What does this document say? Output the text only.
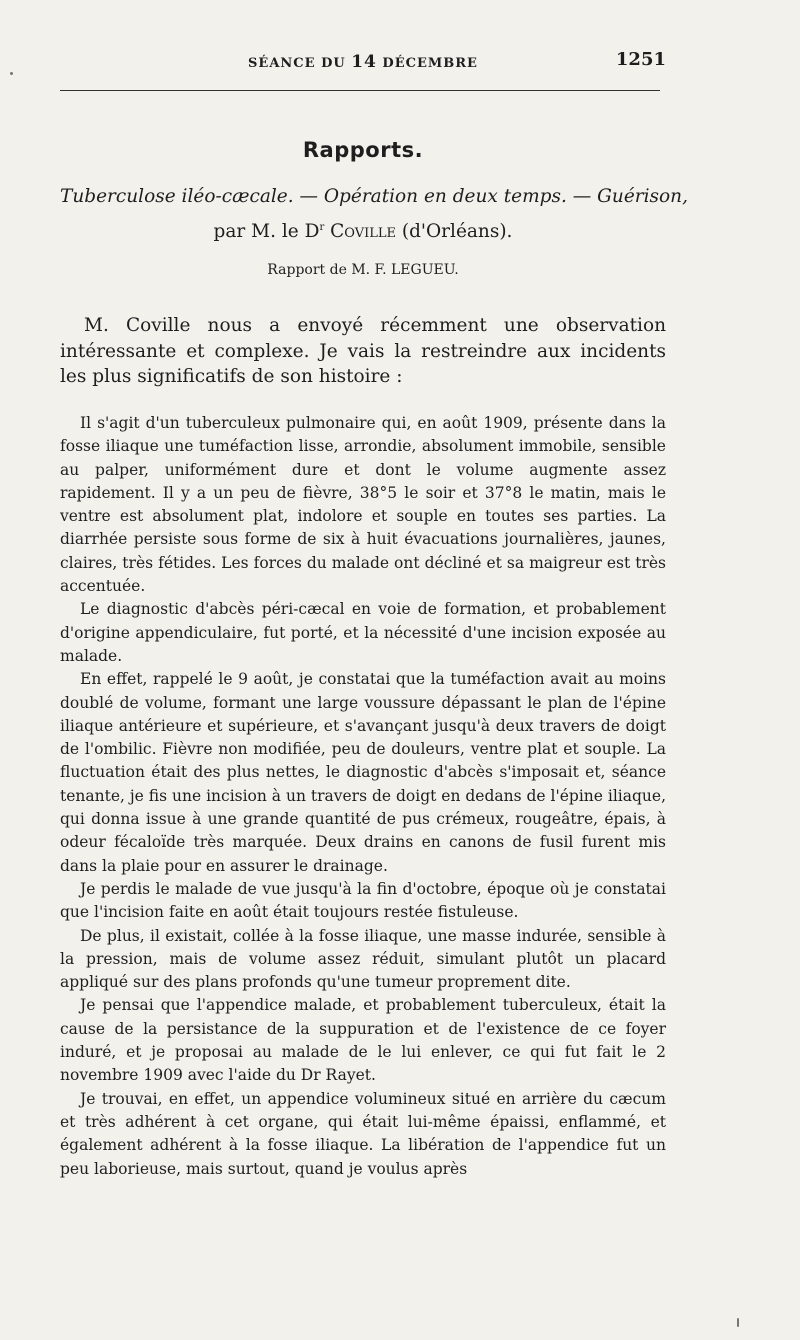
SÉANCE DU 14 DÉCEMBRE	1251
Rapports.
Tuberculose iléo-cæcale. — Opération en deux temps. — Guérison,
par M. le $D^r$ Coville (d'Orléans).
Rapport de M. F. LEGUEU.

M. Coville nous a envoyé récemment une observation intéressante et complexe. Je vais la restreindre aux incidents les plus significatifs de son histoire :

Il s'agit d'un tuberculeux pulmonaire qui, en août 1909, présente dans la fosse iliaque une tuméfaction lisse, arrondie, absolument immobile, sensible au palper, uniformément dure et dont le volume augmente assez rapidement. Il y a un peu de fièvre, 38°5 le soir et 37°8 le matin, mais le ventre est absolument plat, indolore et souple en toutes ses parties. La diarrhée persiste sous forme de six à huit évacuations journalières, jaunes, claires, très fétides. Les forces du malade ont décliné et sa maigreur est très accentuée.

Le diagnostic d'abcès péri-cæcal en voie de formation, et probablement d'origine appendiculaire, fut porté, et la nécessité d'une incision exposée au malade.

En effet, rappelé le 9 août, je constatai que la tuméfaction avait au moins doublé de volume, formant une large voussure dépassant le plan de l'épine iliaque antérieure et supérieure, et s'avançant jusqu'à deux travers de doigt de l'ombilic. Fièvre non modifiée, peu de douleurs, ventre plat et souple. La fluctuation était des plus nettes, le diagnostic d'abcès s'imposait et, séance tenante, je fis une incision à un travers de doigt en dedans de l'épine iliaque, qui donna issue à une grande quantité de pus crémeux, rougeâtre, épais, à odeur fécaloïde très marquée. Deux drains en canons de fusil furent mis dans la plaie pour en assurer le drainage.

Je perdis le malade de vue jusqu'à la fin d'octobre, époque où je constatai que l'incision faite en août était toujours restée fistuleuse.

De plus, il existait, collée à la fosse iliaque, une masse indurée, sensible à la pression, mais de volume assez réduit, simulant plutôt un placard appliqué sur des plans profonds qu'une tumeur proprement dite.

Je pensai que l'appendice malade, et probablement tuberculeux, était la cause de la persistance de la suppuration et de l'existence de ce foyer induré, et je proposai au malade de le lui enlever, ce qui fut fait le 2 novembre 1909 avec l'aide du Dr Rayet.

Je trouvai, en effet, un appendice volumineux situé en arrière du cæcum et très adhérent à cet organe, qui était lui-même épaissi, enflammé, et également adhérent à la fosse iliaque. La libération de l'appendice fut un peu laborieuse, mais surtout, quand je voulus après
